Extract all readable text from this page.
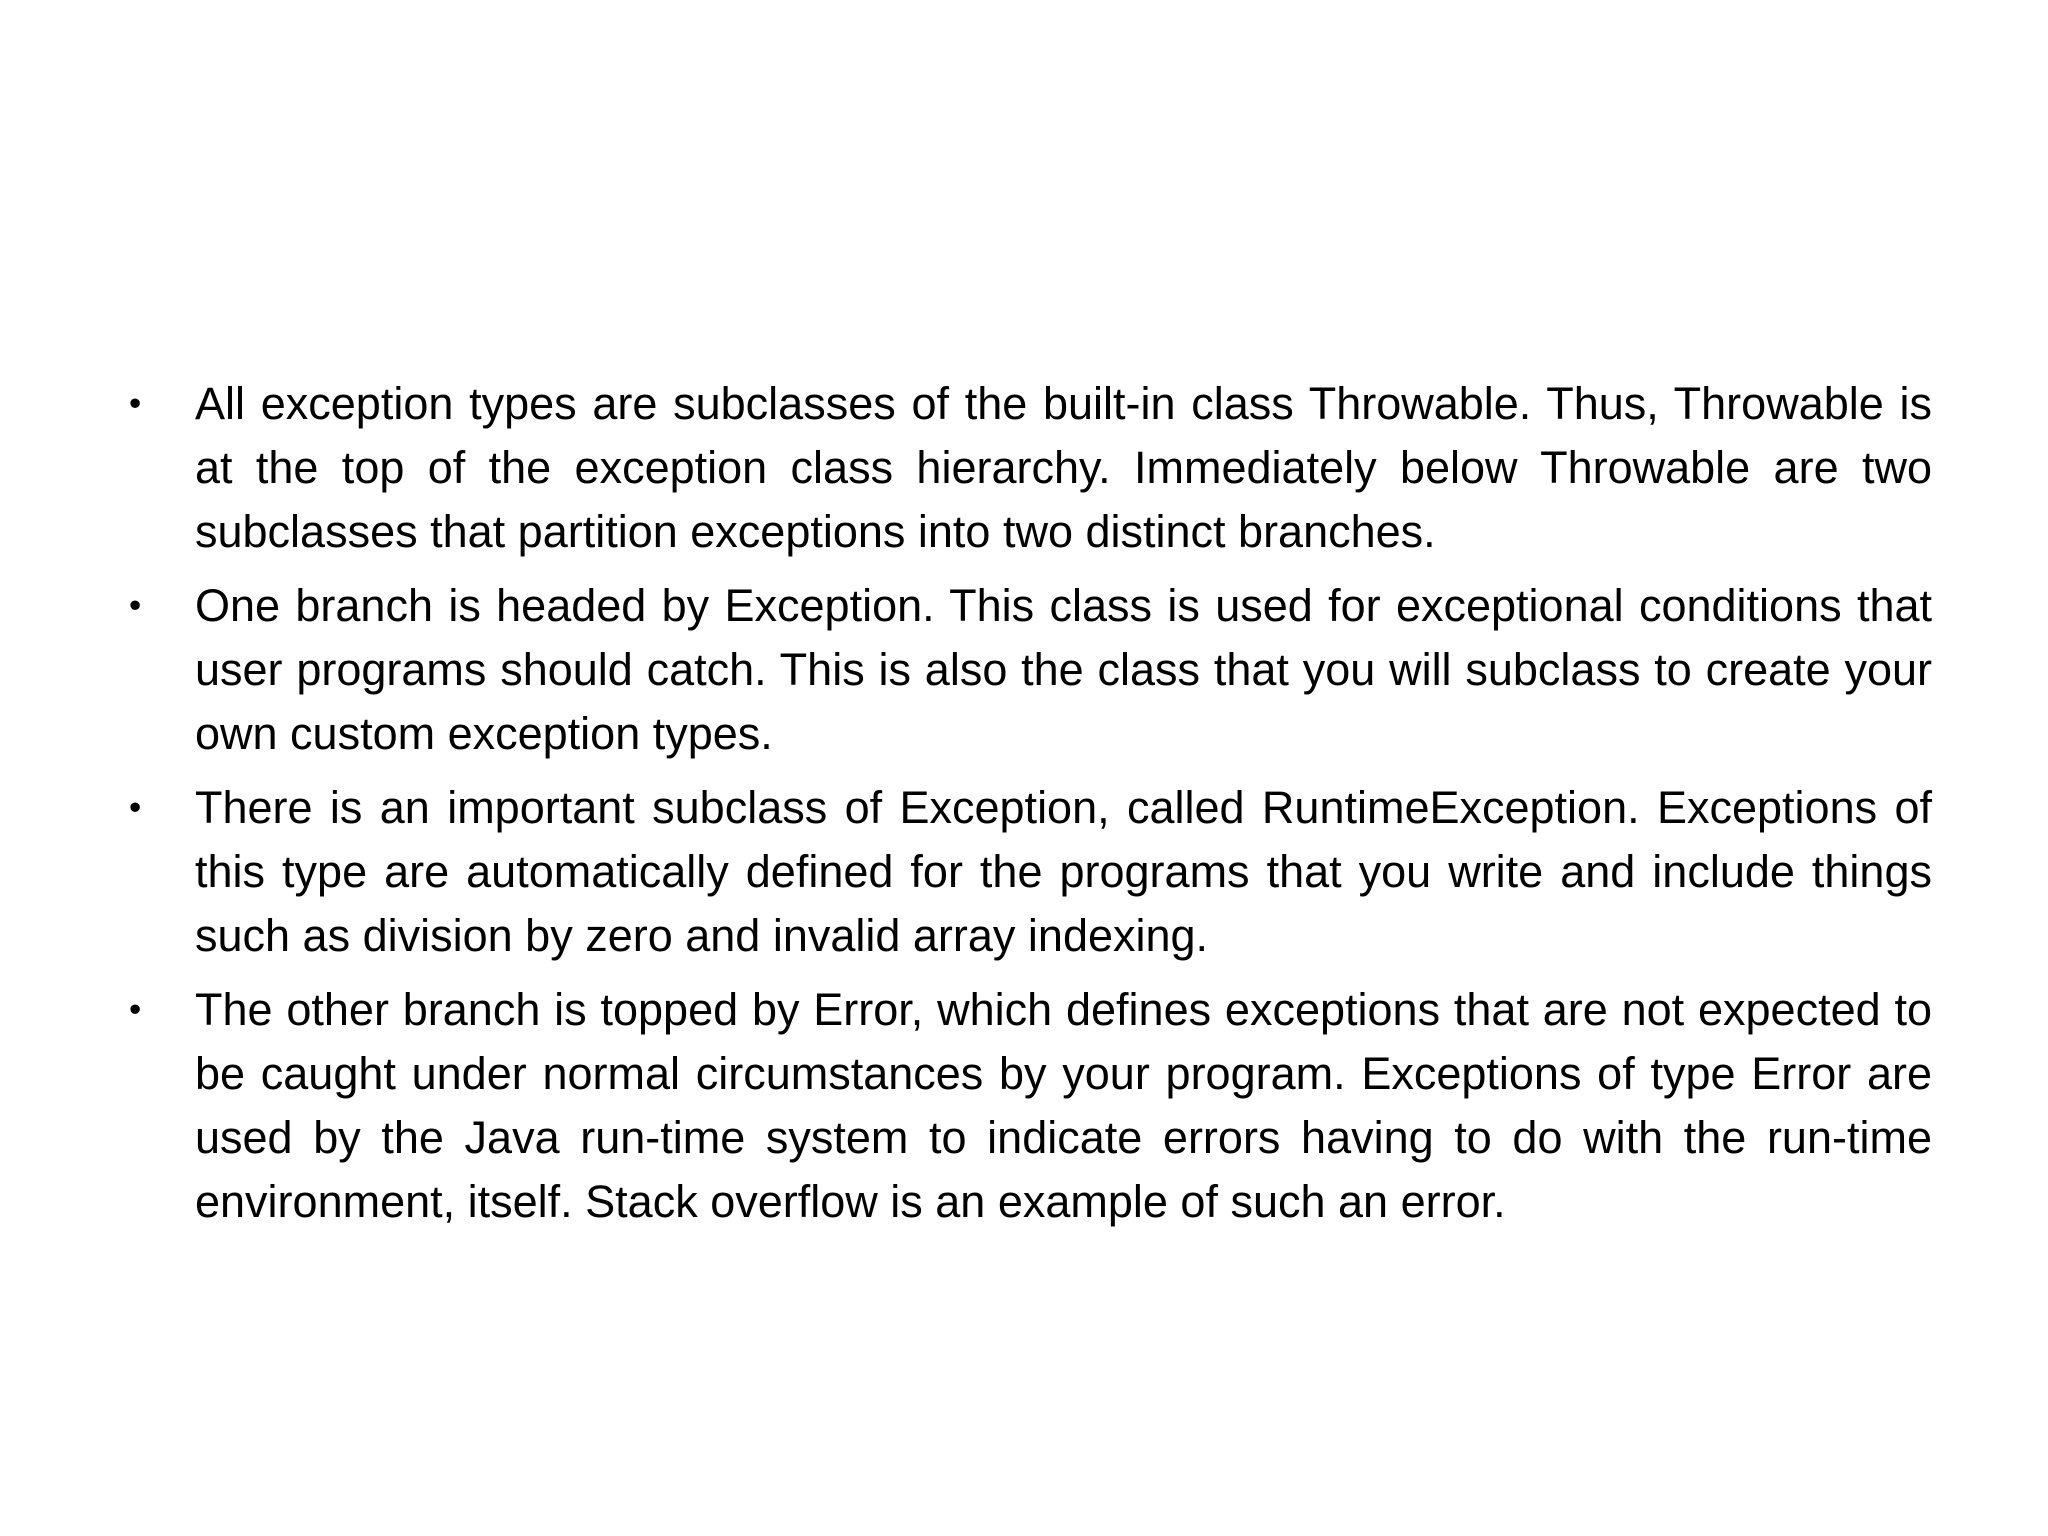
• All exception types are subclasses of the built-in class Throwable. Thus, Throwable is at the top of the exception class hierarchy. Immediately below Throwable are two subclasses that partition exceptions into two distinct branches.
• One branch is headed by Exception. This class is used for exceptional conditions that user programs should catch. This is also the class that you will subclass to create your own custom exception types.
• There is an important subclass of Exception, called RuntimeException. Exceptions of this type are automatically defined for the programs that you write and include things such as division by zero and invalid array indexing.
• The other branch is topped by Error, which defines exceptions that are not expected to be caught under normal circumstances by your program. Exceptions of type Error are used by the Java run-time system to indicate errors having to do with the run-time environment, itself. Stack overflow is an example of such an error.
